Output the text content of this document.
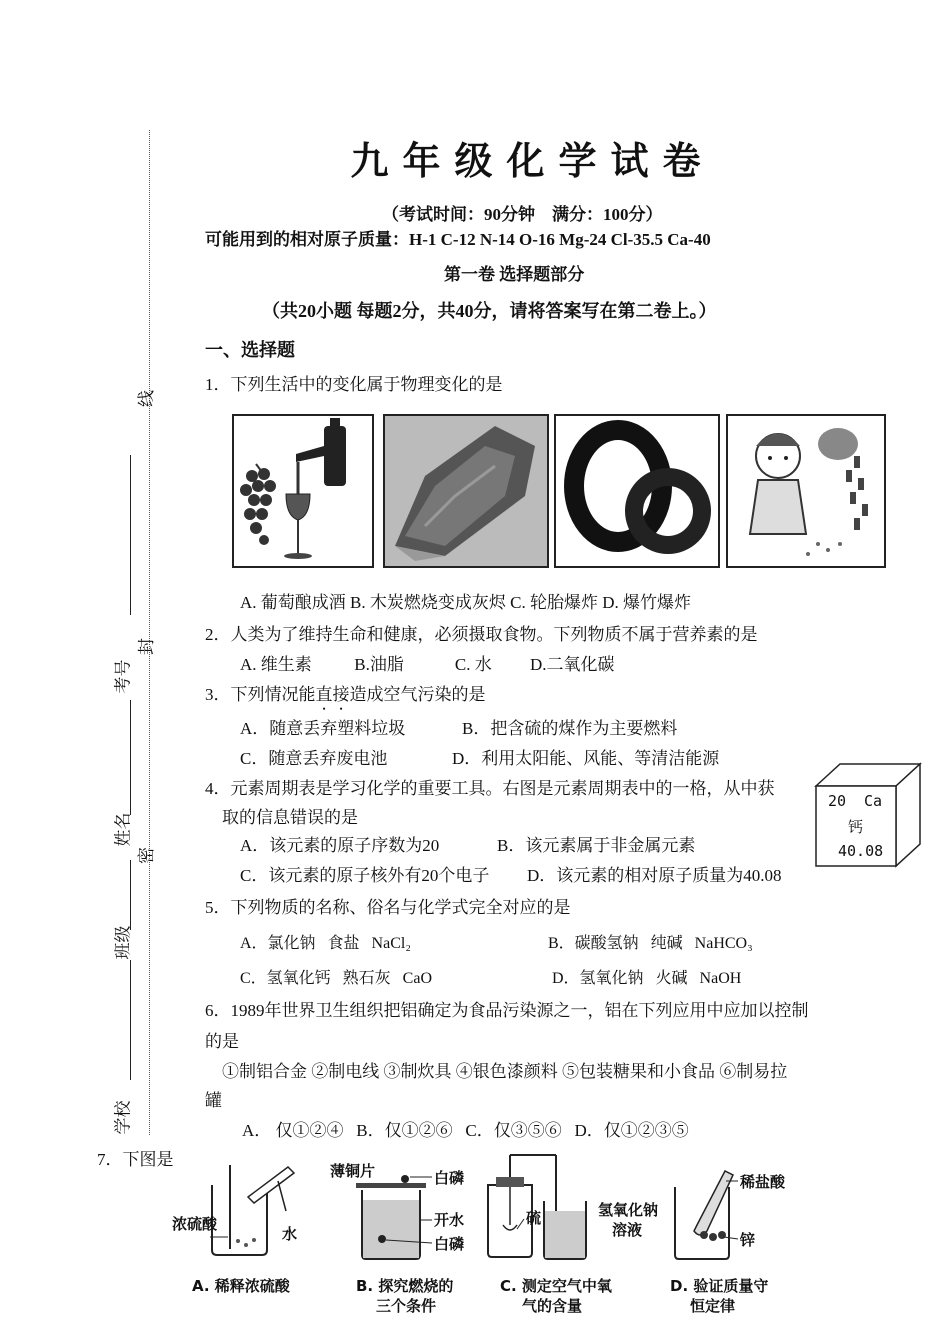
线
封
密
考号
姓名
班级
学校
九年级化学试卷
（考试时间：90分钟　满分：100分）
可能用到的相对原子质量：H-1 C-12 N-14 O-16 Mg-24 Cl-35.5 Ca-40
第一卷 选择题部分
（共20小题 每题2分，共40分，请将答案写在第二卷上。）
一、选择题
1．下列生活中的变化属于物理变化的是
A. 葡萄酿成酒 B. 木炭燃烧变成灰烬 C. 轮胎爆炸 D. 爆竹爆炸
2．人类为了维持生命和健康，必须摄取食物。下列物质不属于营养素的是
A. 维生素          B.油脂            C. 水         D.二氧化碳
3．下列情况能直接造成空气污染的是
A．随意丢弃塑料垃圾	B．把含硫的煤作为主要燃料
C．随意丢弃废电池	D．利用太阳能、风能、等清洁能源
4．元素周期表是学习化学的重要工具。右图是元素周期表中的一格，从中获
取的信息错误的是
A．该元素的原子序数为20	B．该元素属于非金属元素
C．该元素的原子核外有20个电子 D．该元素的相对原子质量为40.08
20 Ca
钙
40.08
5．下列物质的名称、俗名与化学式完全对应的是
A．氯化钠   食盐   NaCl₂	B．碳酸氢钠   纯碱   NaHCO₃
C．氢氧化钙   熟石灰   CaO	D．氢氧化钠   火碱   NaOH
6．1989年世界卫生组织把铝确定为食品污染源之一，铝在下列应用中应加以控制
的是
①制铝合金 ②制电线 ③制炊具 ④银色漆颜料 ⑤包装糖果和小食品 ⑥制易拉
罐
A． 仅①②④   B．仅①②⑥   C．仅③⑤⑥   D．仅①②③⑤
7．下图是
浓硫酸
水
薄铜片	白磷
开水
白磷
硫	氢氧化钠
溶液
稀盐酸
锌
A. 稀释浓硫酸	B. 探究燃烧的
三个条件
C. 测定空气中氧
气的含量
D. 验证质量守
恒定律
